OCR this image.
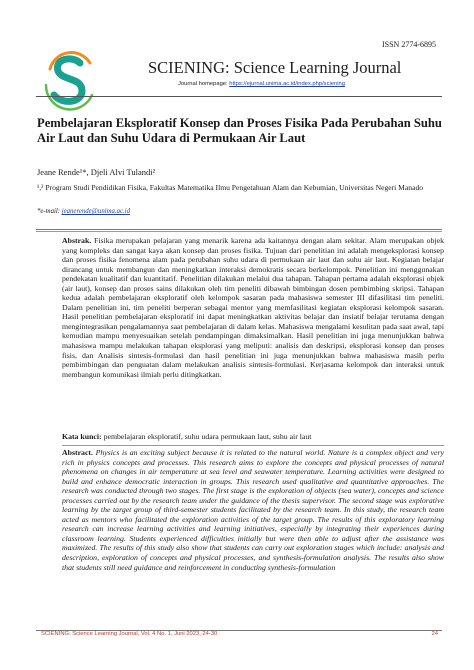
ISSN 2774-6895
SCIENING: Science Learning Journal
Journal homepage: https://ejurnal.unima.ac.id/index.php/sciening
Pembelajaran Eksploratif Konsep dan Proses Fisika Pada Perubahan Suhu Air Laut dan Suhu Udara di Permukaan Air Laut
Jeane Rende¹*, Djeli Alvi Tulandi²
¹,² Program Studi Pendidikan Fisika, Fakultas Matematika Ilmu Pengetahuan Alam dan Kebumian, Universitas Negeri Manado
*e-mail: jeanerende@unima.ac.id
Abstrak. Fisika merupakan pelajaran yang menarik karena ada kaitannya dengan alam sekitar. Alam merupakan objek yang kompleks dan sangat kaya akan konsep dan proses fisika. Tujuan dari penelitian ini adalah mengeksplorasi konsep dan proses fisika fenomena alam pada perubahan suhu udara di permukaan air laut dan suhu air laut. Kegiatan belajar dirancang untuk membangun dan meningkatkan interaksi demokratis secara berkelompok. Penelitian ini menggunakan pendekatan kualitatif dan kuantitatif. Penelitian dilakukan melalui dua tahapan. Tahapan pertama adalah eksplorasi objek (air laut), konsep dan proses sains dilakukan oleh tim peneliti dibawah bimbingan dosen pembimbing skripsi. Tahapan kedua adalah pembelajaran eksploratif oleh kelompok sasaran pada mahasiswa semester III difasilitasi tim peneliti. Dalam penelitian ini, tim peneliti berperan sebagai mentor yang memfasilitasi kegiatan eksplorasi kelompok sasaran. Hasil penelitian pembelajaran eksploratif ini dapat meningkatkan aktivitas belajar dan insiatif belajar terutama dengan mengintegrasikan pengalamannya saat pembelajaran di dalam kelas. Mahasiswa mengalami kesulitan pada saat awal, tapi kemudian mampu menyesuaikan setelah pendampingan dimaksimalkan. Hasil penelitian ini juga menunjukkan bahwa mahasiswa mampu melakukan tahapan eksplorasi yang meliputi: analisis dan deskripsi, eksplorasi konsep dan proses fisis, dan Analisis sintesis-formulasi dan hasil penelitian ini juga menunjukkan bahwa mahasiswa masih perlu pembimbingan dan penguatan dalam melakukan analisis sintesis-formulasi. Kerjasama kelompok dan interaksi untuk membangun komunikasi ilmiah perlu ditingkatkan.
Kata kunci: pembelajaran eksploratif, suhu udara permukaan laut, suhu air laut
Abstract. Physics is an exciting subject because it is related to the natural world. Nature is a complex object and very rich in physics concepts and processes. This research aims to explore the concepts and physical processes of natural phenomena on changes in air temperature at sea level and seawater temperature. Learning activities were designed to build and enhance democratic interaction in groups. This research used qualitative and quantitative approaches. The research was conducted through two stages. The first stage is the exploration of objects (sea water), concepts and science processes carried out by the research team under the guidance of the thesis supervisor. The second stage was explorative learning by the target group of third-semester students facilitated by the research team. In this study, the research team acted as mentors who facilitated the exploration activities of the target group. The results of this exploratory learning research can increase learning activities and learning initiatives, especially by integrating their experiences during classroom learning. Students experienced difficulties initially but were then able to adjust after the assistance was maximized. The results of this study also show that students can carry out exploration stages which include: analysis and description, exploration of concepts and physical processes, and synthesis-formulation analysis. The results also show that students still need guidance and reinforcement in conducting synthesis-formulation
SCIENING: Science Learning Journal, Vol. 4 No. 1, Juni 2023, 24-30	24
